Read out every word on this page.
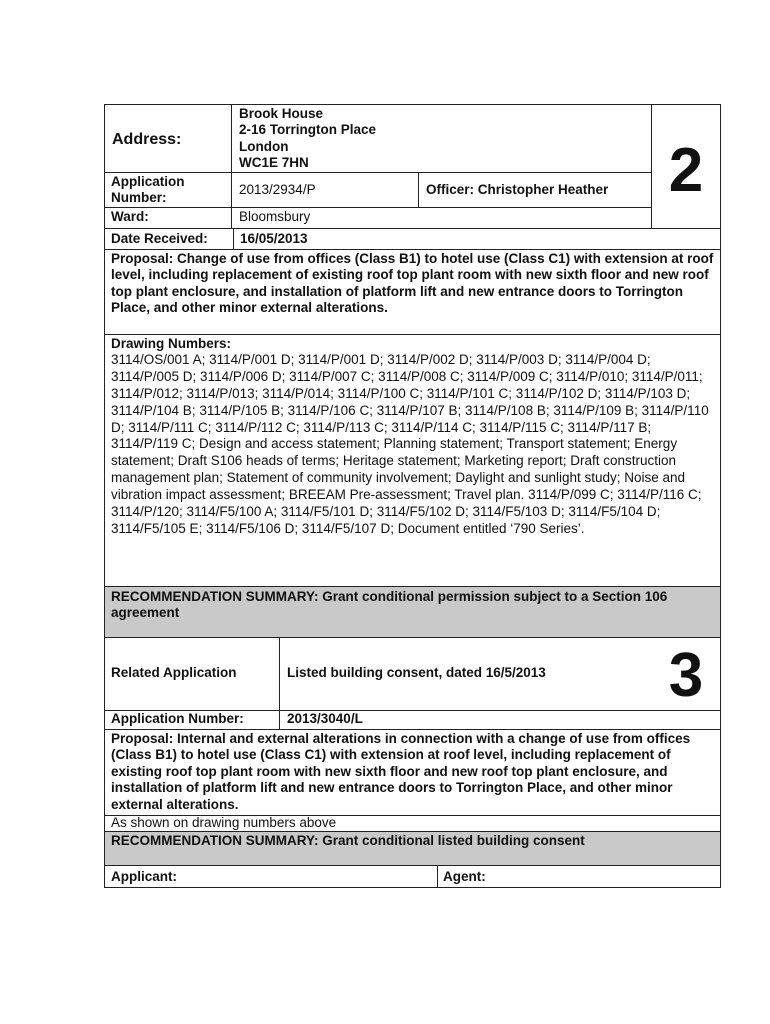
Address:
Brook House
2-16 Torrington Place
London
WC1E 7HN	2
Application Number:
2013/2934/P	Officer: Christopher Heather
Ward:	Bloomsbury
Date Received: 16/05/2013
Proposal: Change of use from offices (Class B1) to hotel use (Class C1) with extension at roof level, including replacement of existing roof top plant room with new sixth floor and new roof top plant enclosure, and installation of platform lift and new entrance doors to Torrington Place, and other minor external alterations.
Drawing Numbers:
3114/OS/001 A; 3114/P/001 D; 3114/P/001 D; 3114/P/002 D; 3114/P/003 D; 3114/P/004 D; 3114/P/005 D; 3114/P/006 D; 3114/P/007 C; 3114/P/008 C; 3114/P/009 C; 3114/P/010; 3114/P/011; 3114/P/012; 3114/P/013; 3114/P/014; 3114/P/100 C; 3114/P/101 C; 3114/P/102 D; 3114/P/103 D; 3114/P/104 B; 3114/P/105 B; 3114/P/106 C; 3114/P/107 B; 3114/P/108 B; 3114/P/109 B; 3114/P/110 D; 3114/P/111 C; 3114/P/112 C; 3114/P/113 C; 3114/P/114 C; 3114/P/115 C; 3114/P/117 B; 3114/P/119 C; Design and access statement; Planning statement; Transport statement; Energy statement; Draft S106 heads of terms; Heritage statement; Marketing report; Draft construction management plan; Statement of community involvement; Daylight and sunlight study; Noise and vibration impact assessment; BREEAM Pre-assessment; Travel plan. 3114/P/099 C; 3114/P/116 C; 3114/P/120; 3114/F5/100 A; 3114/F5/101 D; 3114/F5/102 D; 3114/F5/103 D; 3114/F5/104 D; 3114/F5/105 E; 3114/F5/106 D; 3114/F5/107 D; Document entitled ‘790 Series’.
RECOMMENDATION SUMMARY: Grant conditional permission subject to a Section 106 agreement
Related Application	Listed building consent, dated 16/5/2013 3
Application Number:	2013/3040/L
Proposal: Internal and external alterations in connection with a change of use from offices (Class B1) to hotel use (Class C1) with extension at roof level, including replacement of existing roof top plant room with new sixth floor and new roof top plant enclosure, and installation of platform lift and new entrance doors to Torrington Place, and other minor external alterations.
As shown on drawing numbers above
RECOMMENDATION SUMMARY: Grant conditional listed building consent
Applicant:	Agent:
